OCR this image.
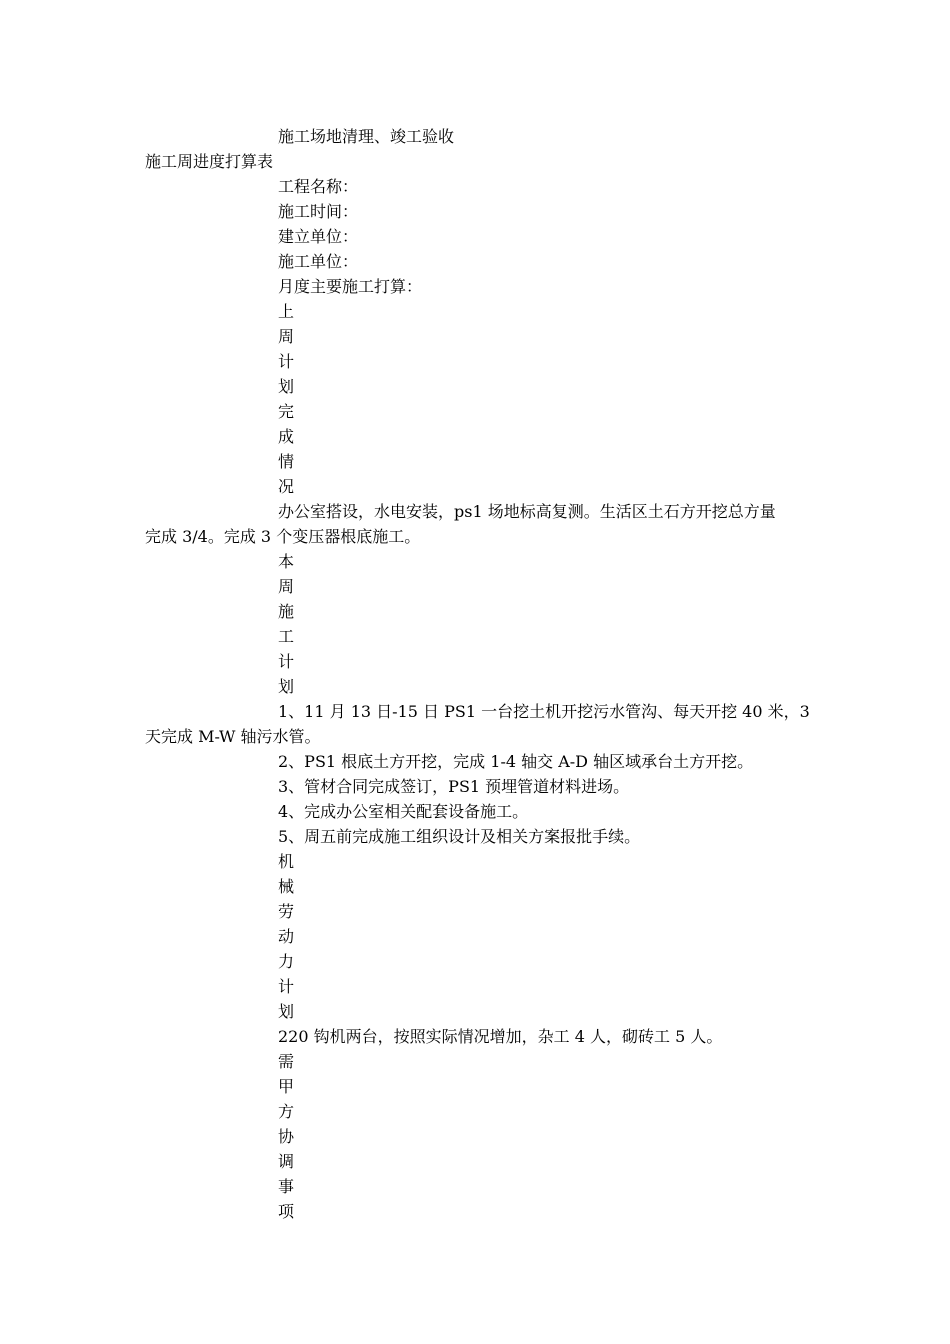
施工场地清理、竣工验收
施工周进度打算表
工程名称：
施工时间：
建立单位：
施工单位：
月度主要施工打算：
上
周
计
划
完
成
情
况
办公室搭设，水电安装，ps1 场地标高复测。生活区土石方开挖总方量
完成 3/4。完成 3 个变压器根底施工。
本
周
施
工
计
划
1、11 月 13 日-15 日 PS1 一台挖土机开挖污水管沟、每天开挖 40 米，3
天完成 M-W 轴污水管。
2、PS1 根底土方开挖，完成 1-4 轴交 A-D 轴区域承台土方开挖。
3、管材合同完成签订，PS1 预埋管道材料进场。
4、完成办公室相关配套设备施工。
5、周五前完成施工组织设计及相关方案报批手续。
机
械
劳
动
力
计
划
220 钩机两台，按照实际情况增加，杂工 4 人，砌砖工 5 人。
需
甲
方
协
调
事
项
